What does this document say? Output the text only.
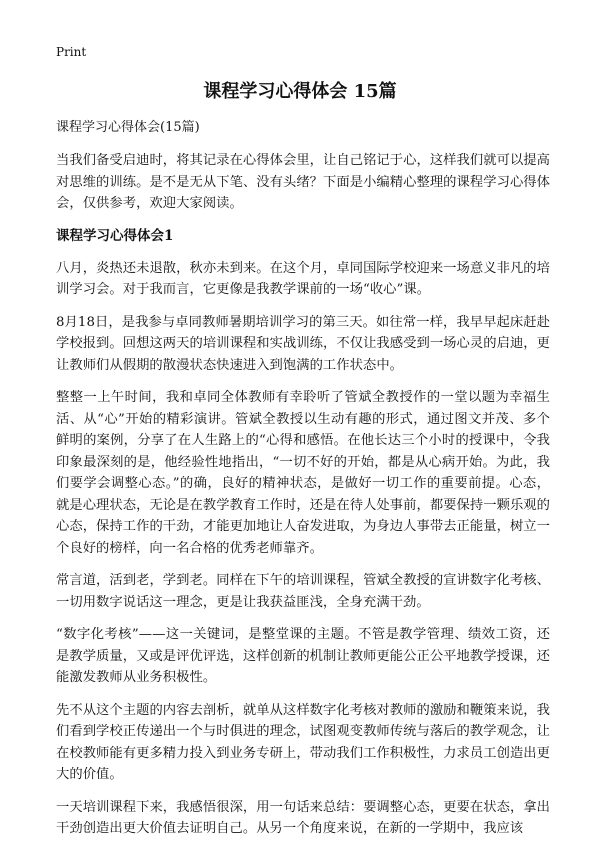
Print
课程学习心得体会 15篇
课程学习心得体会(15篇)

当我们备受启迪时，将其记录在心得体会里，让自己铭记于心，这样我们就可以提高对思维的训练。是不是无从下笔、没有头绪？下面是小编精心整理的课程学习心得体会，仅供参考，欢迎大家阅读。

课程学习心得体会1

八月，炎热还未退散，秋亦未到来。在这个月，卓同国际学校迎来一场意义非凡的培训学习会。对于我而言，它更像是我教学课前的一场“收心”课。

8月18日，是我参与卓同教师暑期培训学习的第三天。如往常一样，我早早起床赶赴学校报到。回想这两天的培训课程和实战训练，不仅让我感受到一场心灵的启迪，更让教师们从假期的散漫状态快速进入到饱满的工作状态中。

整整一上午时间，我和卓同全体教师有幸聆听了管斌全教授作的一堂以题为幸福生活、从“心”开始的精彩演讲。管斌全教授以生动有趣的形式，通过图文并茂、多个鲜明的案例，分享了在人生路上的“心得和感悟。在他长达三个小时的授课中，令我印象最深刻的是，他经验性地指出，“一切不好的开始，都是从心病开始。为此，我们要学会调整心态。”的确，良好的精神状态，是做好一切工作的重要前提。心态，就是心理状态，无论是在教学教育工作时，还是在待人处事前，都要保持一颗乐观的心态，保持工作的干劲，才能更加地让人奋发进取，为身边人事带去正能量，树立一个良好的榜样，向一名合格的优秀老师靠齐。

常言道，活到老，学到老。同样在下午的培训课程，管斌全教授的宣讲数字化考核、一切用数字说话这一理念，更是让我获益匪浅，全身充满干劲。

“数字化考核”——这一关键词，是整堂课的主题。不管是教学管理、绩效工资，还是教学质量，又或是评优评选，这样创新的机制让教师更能公正公平地教学授课，还能激发教师从业务积极性。

先不从这个主题的内容去剖析，就单从这样数字化考核对教师的激励和鞭策来说，我们看到学校正传递出一个与时俱进的理念，试图观变教师传统与落后的教学观念，让在校教师能有更多精力投入到业务专研上，带动我们工作积极性，力求员工创造出更大的价值。

一天培训课程下来，我感悟很深，用一句话来总结：要调整心态，更要在状态，拿出干劲创造出更大价值去证明自己。从另一个角度来说，在新的一学期中，我应该
